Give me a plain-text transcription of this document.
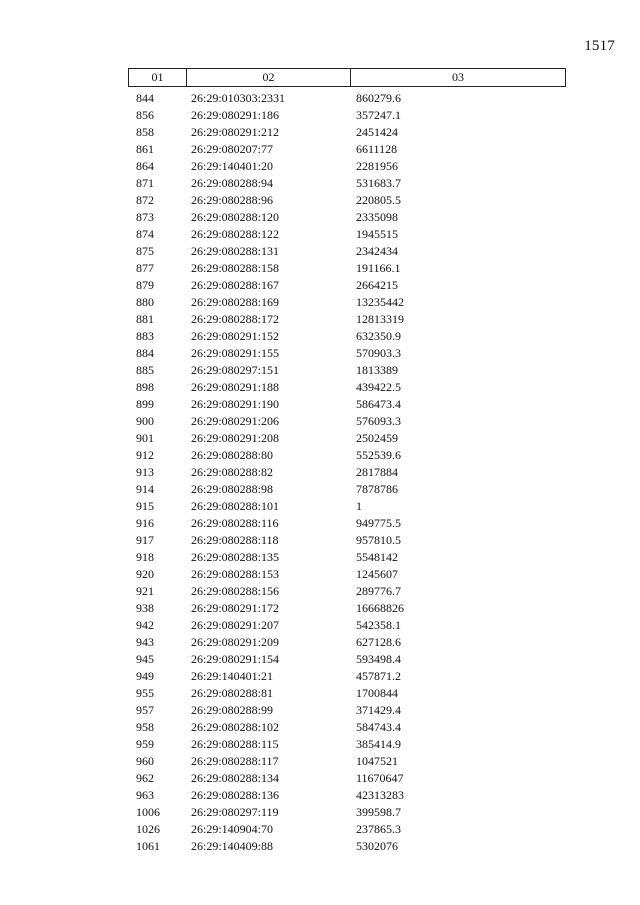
1517
01	02	03
844	26:29:010303:2331	860279.6
856	26:29:080291:186	357247.1
858	26:29:080291:212	2451424
861	26:29:080207:77	6611128
864	26:29:140401:20	2281956
871	26:29:080288:94	531683.7
872	26:29:080288:96	220805.5
873	26:29:080288:120	2335098
874	26:29:080288:122	1945515
875	26:29:080288:131	2342434
877	26:29:080288:158	191166.1
879	26:29:080288:167	2664215
880	26:29:080288:169	13235442
881	26:29:080288:172	12813319
883	26:29:080291:152	632350.9
884	26:29:080291:155	570903.3
885	26:29:080297:151	1813389
898	26:29:080291:188	439422.5
899	26:29:080291:190	586473.4
900	26:29:080291:206	576093.3
901	26:29:080291:208	2502459
912	26:29:080288:80	552539.6
913	26:29:080288:82	2817884
914	26:29:080288:98	7878786
915	26:29:080288:101	1
916	26:29:080288:116	949775.5
917	26:29:080288:118	957810.5
918	26:29:080288:135	5548142
920	26:29:080288:153	1245607
921	26:29:080288:156	289776.7
938	26:29:080291:172	16668826
942	26:29:080291:207	542358.1
943	26:29:080291:209	627128.6
945	26:29:080291:154	593498.4
949	26:29:140401:21	457871.2
955	26:29:080288:81	1700844
957	26:29:080288:99	371429.4
958	26:29:080288:102	584743.4
959	26:29:080288:115	385414.9
960	26:29:080288:117	1047521
962	26:29:080288:134	11670647
963	26:29:080288:136	42313283
1006	26:29:080297:119	399598.7
1026	26:29:140904:70	237865.3
1061	26:29:140409:88	5302076
